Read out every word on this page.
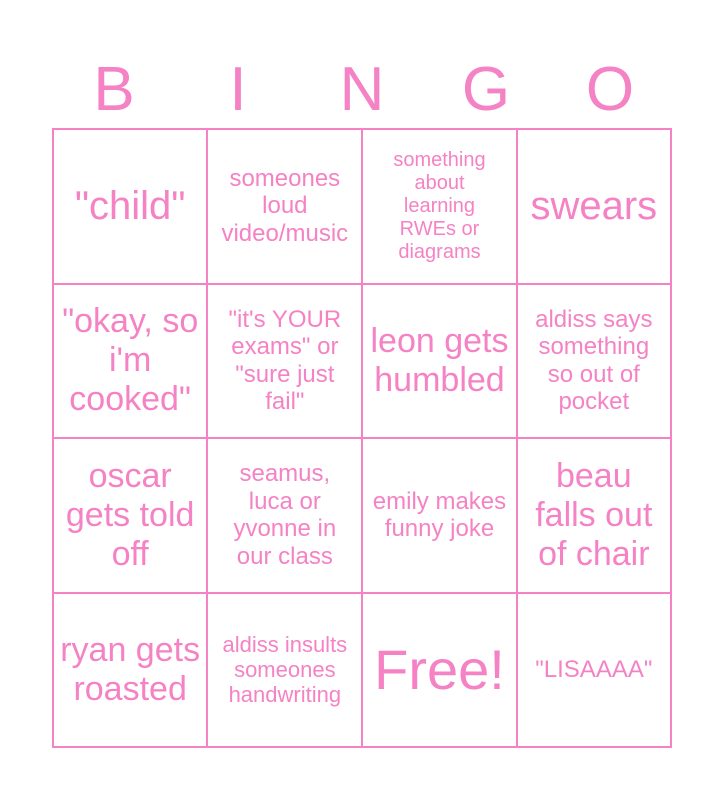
B	I	N	G	O
"child"
someones loud video/music
something about learning RWEs or diagrams
swears
"okay, so i'm cooked"
"it's YOUR exams" or "sure just fail"
leon gets humbled
aldiss says something so out of pocket
oscar gets told off
seamus, luca or yvonne in our class
emily makes funny joke
beau falls out of chair
ryan gets roasted
aldiss insults someones handwriting Free! "LISAAAA"
